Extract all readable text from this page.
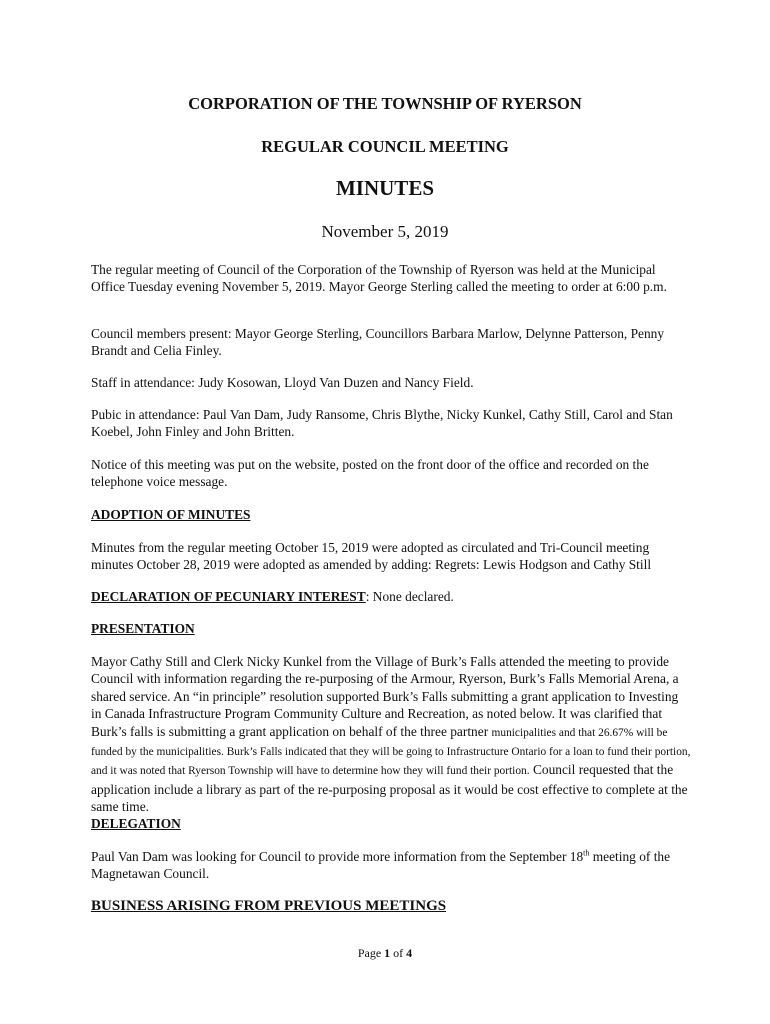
CORPORATION OF THE TOWNSHIP OF RYERSON
REGULAR COUNCIL MEETING
MINUTES
November 5, 2019

The regular meeting of Council of the Corporation of the Township of Ryerson was held at the Municipal Office Tuesday evening November 5, 2019. Mayor George Sterling called the meeting to order at 6:00 p.m.

Council members present: Mayor George Sterling, Councillors Barbara Marlow, Delynne Patterson, Penny Brandt and Celia Finley.

Staff in attendance: Judy Kosowan, Lloyd Van Duzen and Nancy Field.

Pubic in attendance: Paul Van Dam, Judy Ransome, Chris Blythe, Nicky Kunkel, Cathy Still, Carol and Stan Koebel, John Finley and John Britten.

Notice of this meeting was put on the website, posted on the front door of the office and recorded on the telephone voice message.

ADOPTION OF MINUTES

Minutes from the regular meeting October 15, 2019 were adopted as circulated and Tri-Council meeting minutes October 28, 2019 were adopted as amended by adding: Regrets: Lewis Hodgson and Cathy Still

DECLARATION OF PECUNIARY INTEREST: None declared.

PRESENTATION

Mayor Cathy Still and Clerk Nicky Kunkel from the Village of Burk’s Falls attended the meeting to provide Council with information regarding the re-purposing of the Armour, Ryerson, Burk’s Falls Memorial Arena, a shared service. An “in principle” resolution supported Burk’s Falls submitting a grant application to Investing in Canada Infrastructure Program Community Culture and Recreation, as noted below. It was clarified that Burk’s falls is submitting a grant application on behalf of the three partner municipalities and that 26.67% will be funded by the municipalities. Burk’s Falls indicated that they will be going to Infrastructure Ontario for a loan to fund their portion, and it was noted that Ryerson Township will have to determine how they will fund their portion. Council requested that the application include a library as part of the re-purposing proposal as it would be cost effective to complete at the same time.

DELEGATION

Paul Van Dam was looking for Council to provide more information from the September 18th meeting of the Magnetawan Council.

BUSINESS ARISING FROM PREVIOUS MEETINGS

Page 1 of 4
